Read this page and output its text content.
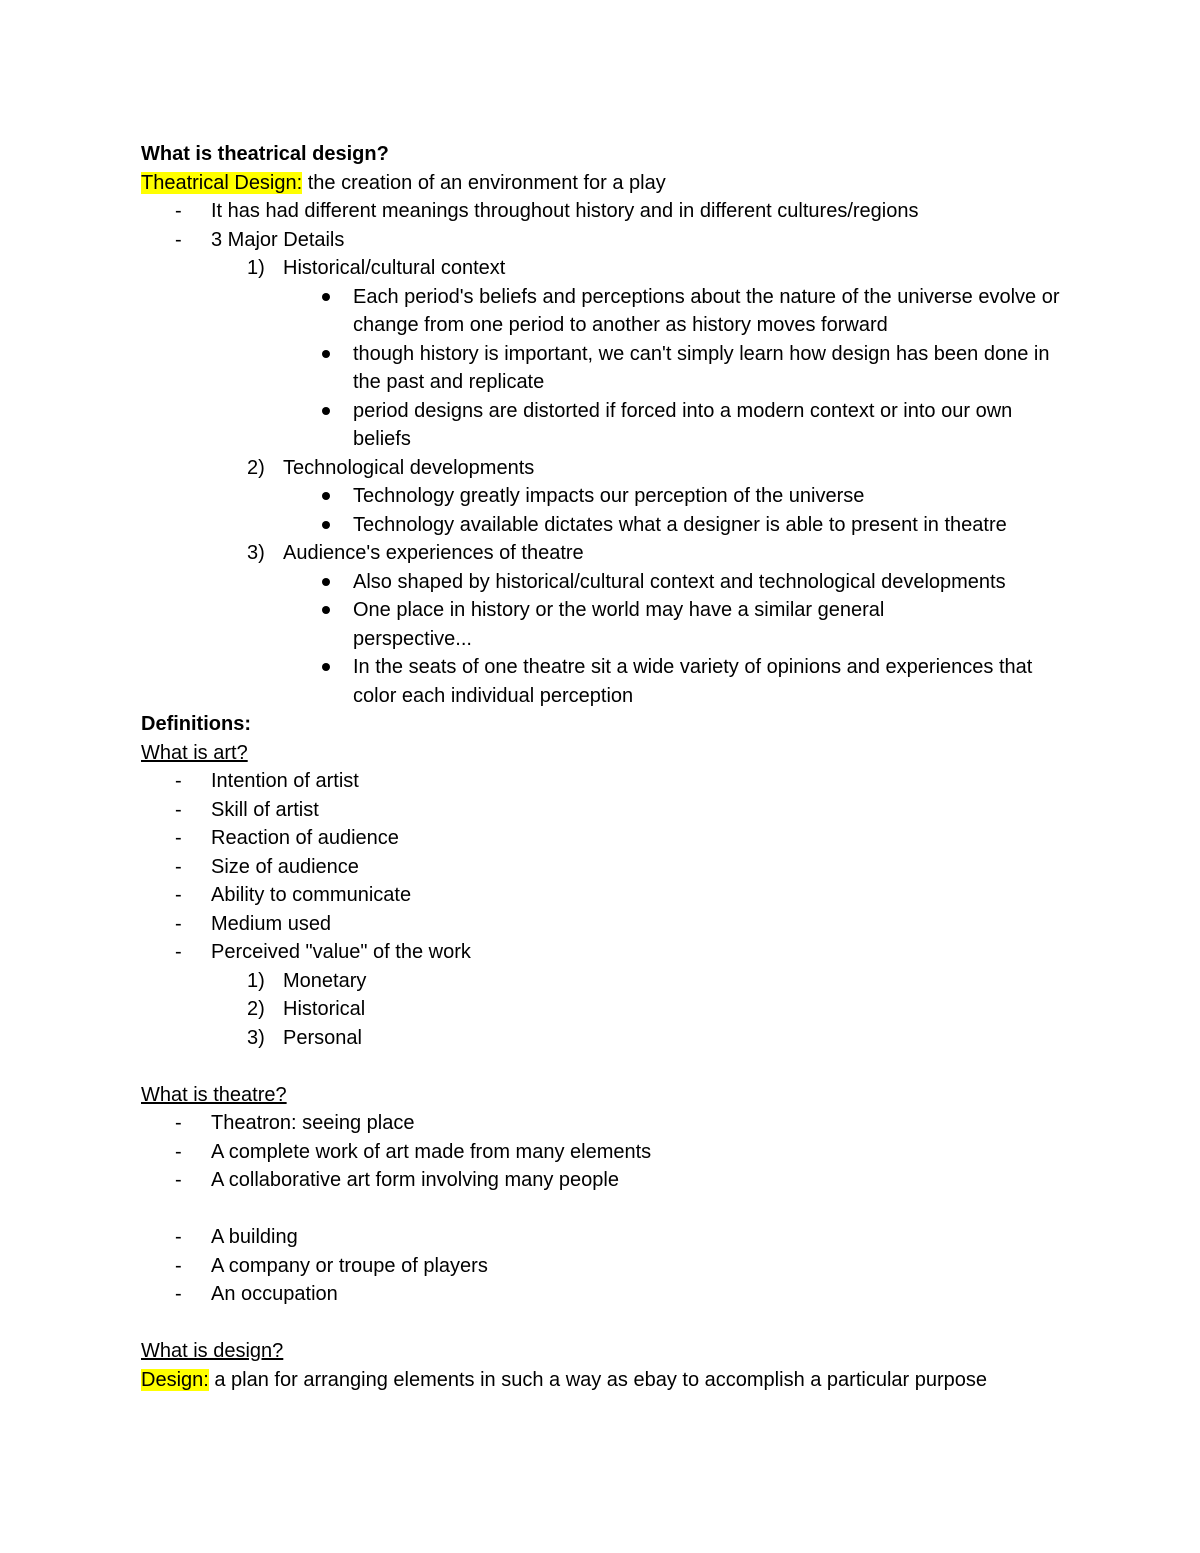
What is theatrical design?
Theatrical Design: the creation of an environment for a play
-	It has had different meanings throughout history and in different cultures/regions
-	3 Major Details
1) Historical/cultural context
Each period's beliefs and perceptions about the nature of the universe evolve or change from one period to another as history moves forward
though history is important, we can't simply learn how design has been done in the past and replicate
period designs are distorted if forced into a modern context or into our own beliefs
2) Technological developments
Technology greatly impacts our perception of the universe
Technology available dictates what a designer is able to present in theatre
3) Audience's experiences of theatre
Also shaped by historical/cultural context and technological developments
One place in history or the world may have a similar general perspective...
In the seats of one theatre sit a wide variety of opinions and experiences that color each individual perception
Definitions:
What is art?
-	Intention of artist
-	Skill of artist
-	Reaction of audience
-	Size of audience
-	Ability to communicate
-	Medium used
-	Perceived "value" of the work
1) Monetary
2) Historical
3) Personal
What is theatre?
-	Theatron: seeing place
-	A complete work of art made from many elements
-	A collaborative art form involving many people
-	A building
-	A company or troupe of players
-	An occupation
What is design?
Design: a plan for arranging elements in such a way as ebay to accomplish a particular purpose
